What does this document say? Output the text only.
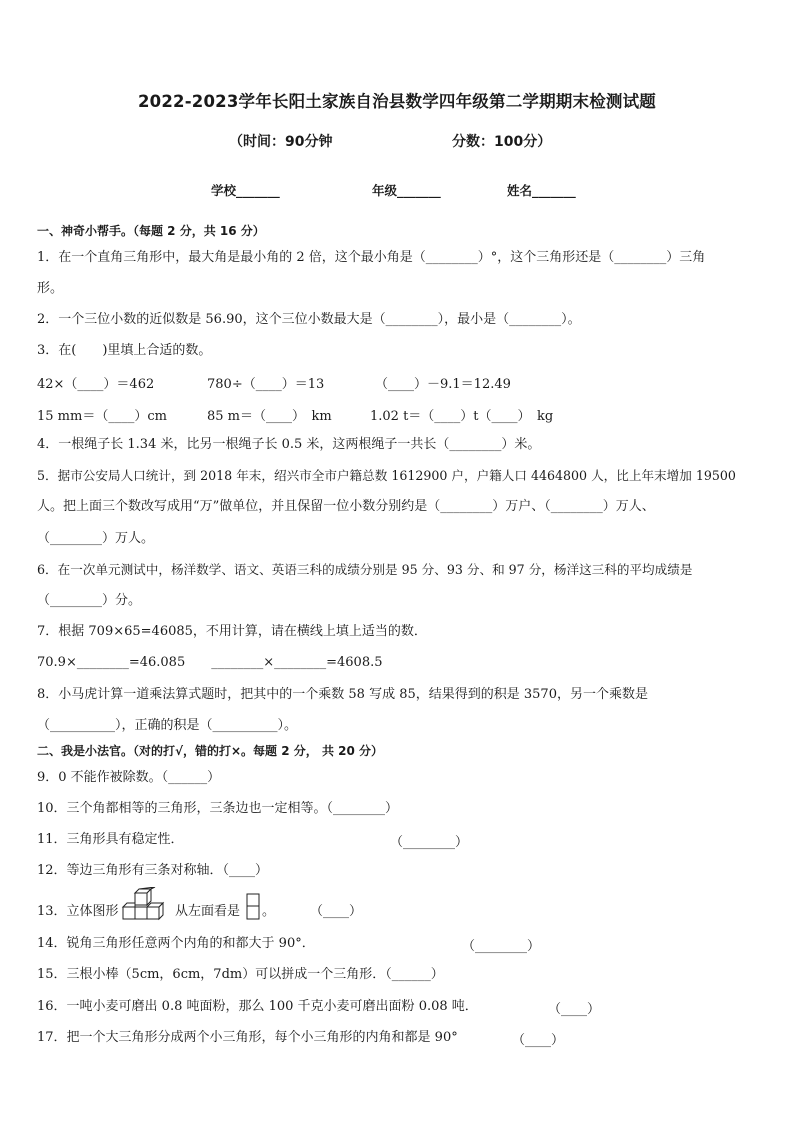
2022-2023学年长阳土家族自治县数学四年级第二学期期末检测试题
（时间：90分钟	分数：100分）
学校_______	年级_______	姓名_______
一、神奇小帮手。（每题 2 分，共 16 分）
1．在一个直角三角形中，最大角是最小角的 2 倍，这个最小角是（________）°，这个三角形还是（________）三角
形。
2．一个三位小数的近似数是 56.90，这个三位小数最大是（________），最小是（________）。
3．在(　　)里填上合适的数。
42×（____）＝462	780÷（____）＝13	（____）－9.1＝12.49
15 mm＝（____）cm	85 m＝（____）　km	1.02 t＝（____）t（____）　kg
4．一根绳子长 1.34 米，比另一根绳子长 0.5 米，这两根绳子一共长（________）米。
5．据市公安局人口统计，到 2018 年末，绍兴市全市户籍总数 1612900 户，户籍人口 4464800 人，比上年末增加 19500
人。把上面三个数改写成用“万”做单位，并且保留一位小数分别约是（________）万户、（________）万人、
（________）万人。
6．在一次单元测试中，杨洋数学、语文、英语三科的成绩分别是 95 分、93 分、和 97 分，杨洋这三科的平均成绩是
（________）分。
7．根据 709×65=46085，不用计算，请在横线上填上适当的数．
70.9×________=46.085　　________×________=4608.5
8．小马虎计算一道乘法算式题时，把其中的一个乘数 58 写成 85，结果得到的积是 3570，另一个乘数是
（__________），正确的积是（__________）。
二、我是小法官。（对的打√，错的打×。每题 2 分， 共 20 分）
9．0 不能作被除数。（______）
10．三个角都相等的三角形，三条边也一定相等。（________）
11．三角形具有稳定性．	（________）
12．等边三角形有三条对称轴．（____）
13．立体图形	从左面看是 。	（____）
14．锐角三角形任意两个内角的和都大于 90°．	（________）
15．三根小棒（5cm，6cm，7dm）可以拼成一个三角形．（______）
16．一吨小麦可磨出 0.8 吨面粉，那么 100 千克小麦可磨出面粉 0.08 吨．	（____）
17．把一个大三角形分成两个小三角形，每个小三角形的内角和都是 90°	（____）
